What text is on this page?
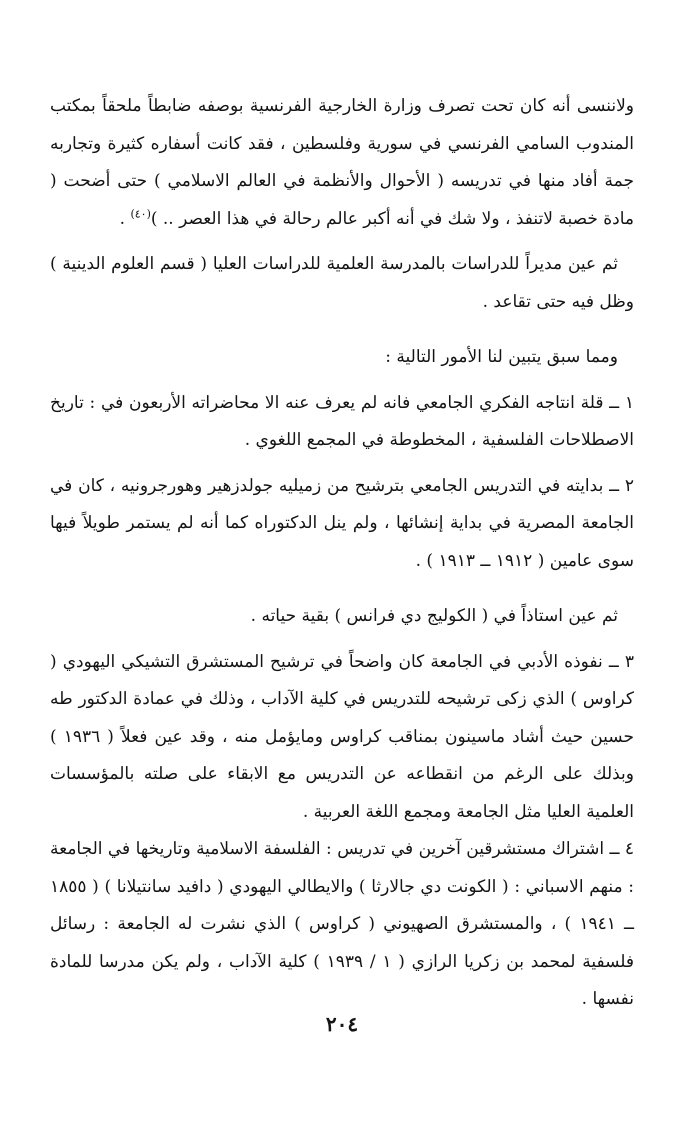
ولاننسى أنه كان تحت تصرف وزارة الخارجية الفرنسية بوصفه ضابطاً ملحقاً بمكتب المندوب السامي الفرنسي في سورية وفلسطين ، فقد كانت أسفاره كثيرة وتجاربه جمة أفاد منها في تدريسه ( الأحوال والأنظمة في العالم الاسلامي ) حتى أضحت ( مادة خصبة لاتنفذ ، ولا شك في أنه أكبر عالم رحالة في هذا العصر .. )$^{(٤٠)}$ .

ثم عين مديراً للدراسات بالمدرسة العلمية للدراسات العليا ( قسم العلوم الدينية ) وظل فيه حتى تقاعد .

ومما سبق يتبين لنا الأمور التالية :

١ ــ قلة انتاجه الفكري الجامعي فانه لم يعرف عنه الا محاضراته الأربعون في : تاريخ الاصطلاحات الفلسفية ، المخطوطة في المجمع اللغوي .

٢ ــ بدايته في التدريس الجامعي بترشيح من زميليه جولدزهير وهورجرونيه ، كان في الجامعة المصرية في بداية إنشائها ، ولم ينل الدكتوراه كما أنه لم يستمر طويلاً فيها سوى عامين ( ١٩١٢ ــ ١٩١٣ ) .

ثم عين استاذاً في ( الكوليج دي فرانس ) بقية حياته .

٣ ــ نفوذه الأدبي في الجامعة كان واضحاً في ترشيح المستشرق التشيكي اليهودي ( كراوس ) الذي زكى ترشيحه للتدريس في كلية الآداب ، وذلك في عمادة الدكتور طه حسين حيث أشاد ماسينون بمناقب كراوس ومايؤمل منه ، وقد عين فعلاً ( ١٩٣٦ ) وبذلك على الرغم من انقطاعه عن التدريس مع الابقاء على صلته بالمؤسسات العلمية العليا مثل الجامعة ومجمع اللغة العربية .

٤ ــ اشتراك مستشرقين آخرين في تدريس : الفلسفة الاسلامية وتاريخها في الجامعة : منهم الاسباني : ( الكونت دي جالارثا ) والايطالي اليهودي ( دافيد سانتيلانا ) ( ١٨٥٥ ــ ١٩٤١ ) ، والمستشرق الصهيوني ( كراوس ) الذي نشرت له الجامعة : رسائل فلسفية لمحمد بن زكريا الرازي ( ١ / ١٩٣٩ ) كلية الآداب ، ولم يكن مدرسا للمادة نفسها .

٢٠٤
